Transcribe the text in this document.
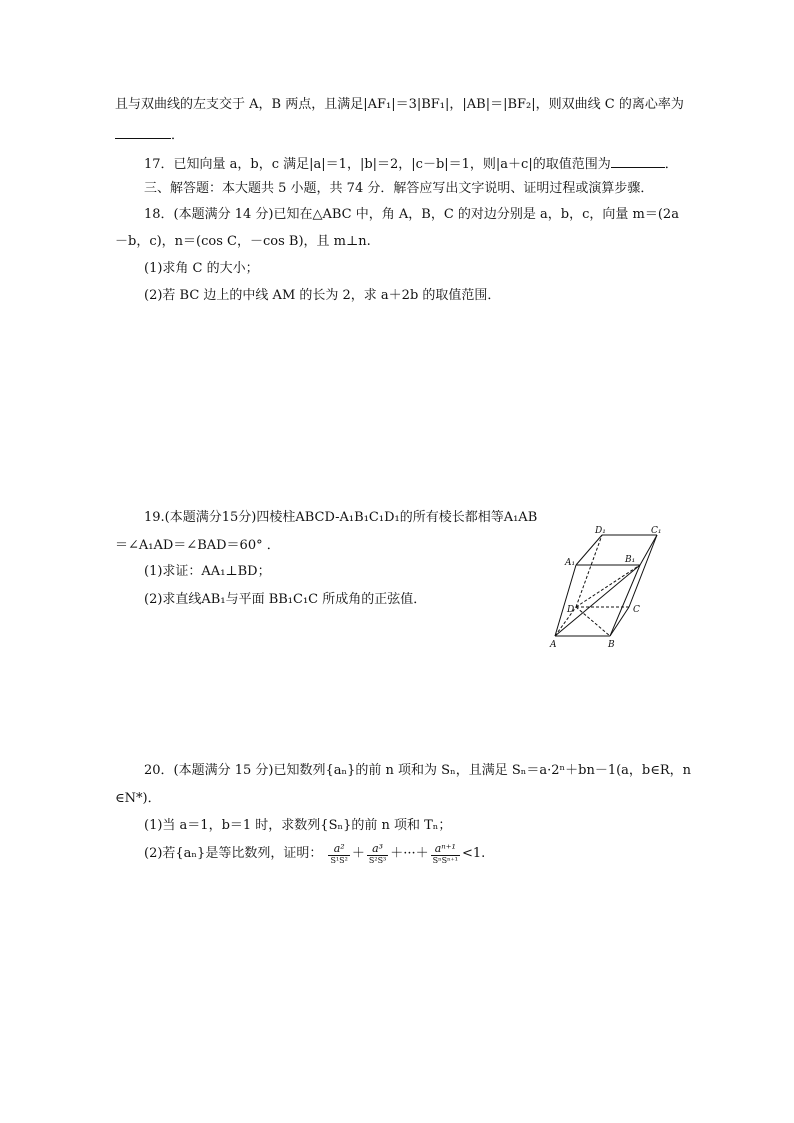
且与双曲线的左支交于 A，B 两点，且满足|AF₁|＝3|BF₁|，|AB|＝|BF₂|，则双曲线 C 的离心率为
．
17．已知向量 a，b，c 满足|a|＝1，|b|＝2，|c－b|＝1，则|a＋c|的取值范围为	．
三、解答题：本大题共 5 小题，共 74 分．解答应写出文字说明、证明过程或演算步骤．
18．(本题满分 14 分)已知在△ABC 中，角 A，B，C 的对边分别是 a，b，c，向量 m＝(2a
－b，c)，n＝(cos C，－cos B)，且 m⊥n.
(1)求角 C 的大小；
(2)若 BC 边上的中线 AM 的长为 2，求 a＋2b 的取值范围．
19.(本题满分15分)四棱柱ABCD-A₁B₁C₁D₁的所有棱长都相等A₁AB
＝∠A₁AD＝∠BAD＝60° ．
(1)求证：AA₁⊥BD；
(2)求直线AB₁与平面 BB₁C₁C 所成角的正弦值．
D₁	C₁
A₁	B₁
D	C
A	B
20．(本题满分 15 分)已知数列{aₙ}的前 n 项和为 Sₙ，且满足 Sₙ＝a·2ⁿ＋bn－1(a，b∈R，n
∈N*)．
(1)当 a＝1，b＝1 时，求数列{Sₙ}的前 n 项和 Tₙ；
(2)若{aₙ}是等比数列，证明： $\frac{\text{a²}}{\text{S¹S²}} + \frac{\text{a³}}{\text{S²S³}}$ ＋···＋ $\frac{\text{aⁿ⁺¹}}{\text{SⁿSⁿ⁺¹}} <1$.
